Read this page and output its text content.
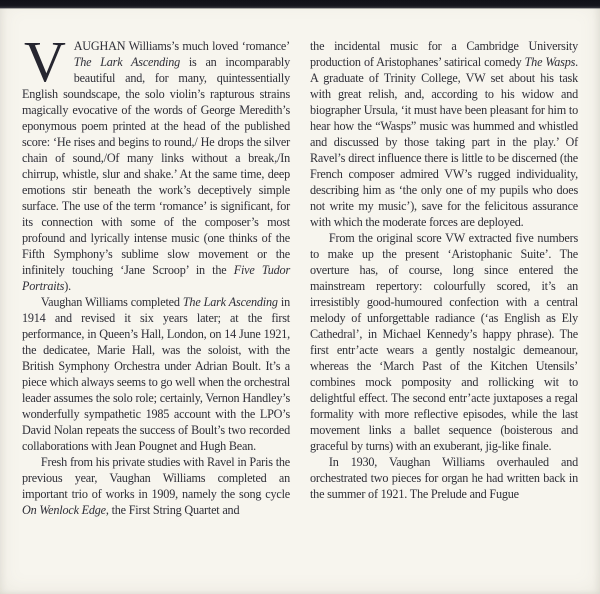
VAUGHAN Williams’s much loved ‘romance’ The Lark Ascending is an incomparably beautiful and, for many, quintessentially English soundscape, the solo violin’s rapturous strains magically evocative of the words of George Meredith’s eponymous poem printed at the head of the published score: ‘He rises and begins to round,/ He drops the silver chain of sound,/Of many links without a break,/In chirrup, whistle, slur and shake.’ At the same time, deep emotions stir beneath the work’s deceptively simple surface. The use of the term ‘romance’ is significant, for its connection with some of the composer’s most profound and lyrically intense music (one thinks of the Fifth Symphony’s sublime slow movement or the infinitely touching ‘Jane Scroop’ in the Five Tudor Portraits).

Vaughan Williams completed The Lark Ascending in 1914 and revised it six years later; at the first performance, in Queen’s Hall, London, on 14 June 1921, the dedicatee, Marie Hall, was the soloist, with the British Symphony Orchestra under Adrian Boult. It’s a piece which always seems to go well when the orchestral leader assumes the solo role; certainly, Vernon Handley’s wonderfully sympathetic 1985 account with the LPO’s David Nolan repeats the success of Boult’s two recorded collaborations with Jean Pougnet and Hugh Bean.

Fresh from his private studies with Ravel in Paris the previous year, Vaughan Williams completed an important trio of works in 1909, namely the song cycle On Wenlock Edge, the First String Quartet and

the incidental music for a Cambridge University production of Aristophanes’ satirical comedy The Wasps. A graduate of Trinity College, VW set about his task with great relish, and, according to his widow and biographer Ursula, ‘it must have been pleasant for him to hear how the “Wasps” music was hummed and whistled and discussed by those taking part in the play.’ Of Ravel’s direct influence there is little to be discerned (the French composer admired VW’s rugged individuality, describing him as ‘the only one of my pupils who does not write my music’), save for the felicitous assurance with which the moderate forces are deployed.

From the original score VW extracted five numbers to make up the present ‘Aristophanic Suite’. The overture has, of course, long since entered the mainstream repertory: colourfully scored, it’s an irresistibly good-humoured confection with a central melody of unforgettable radiance (‘as English as Ely Cathedral’, in Michael Kennedy’s happy phrase). The first entr’acte wears a gently nostalgic demeanour, whereas the ‘March Past of the Kitchen Utensils’ combines mock pomposity and rollicking wit to delightful effect. The second entr’acte juxtaposes a regal formality with more reflective episodes, while the last movement links a ballet sequence (boisterous and graceful by turns) with an exuberant, jig-like finale.

In 1930, Vaughan Williams overhauled and orchestrated two pieces for organ he had written back in the summer of 1921. The Prelude and Fugue
